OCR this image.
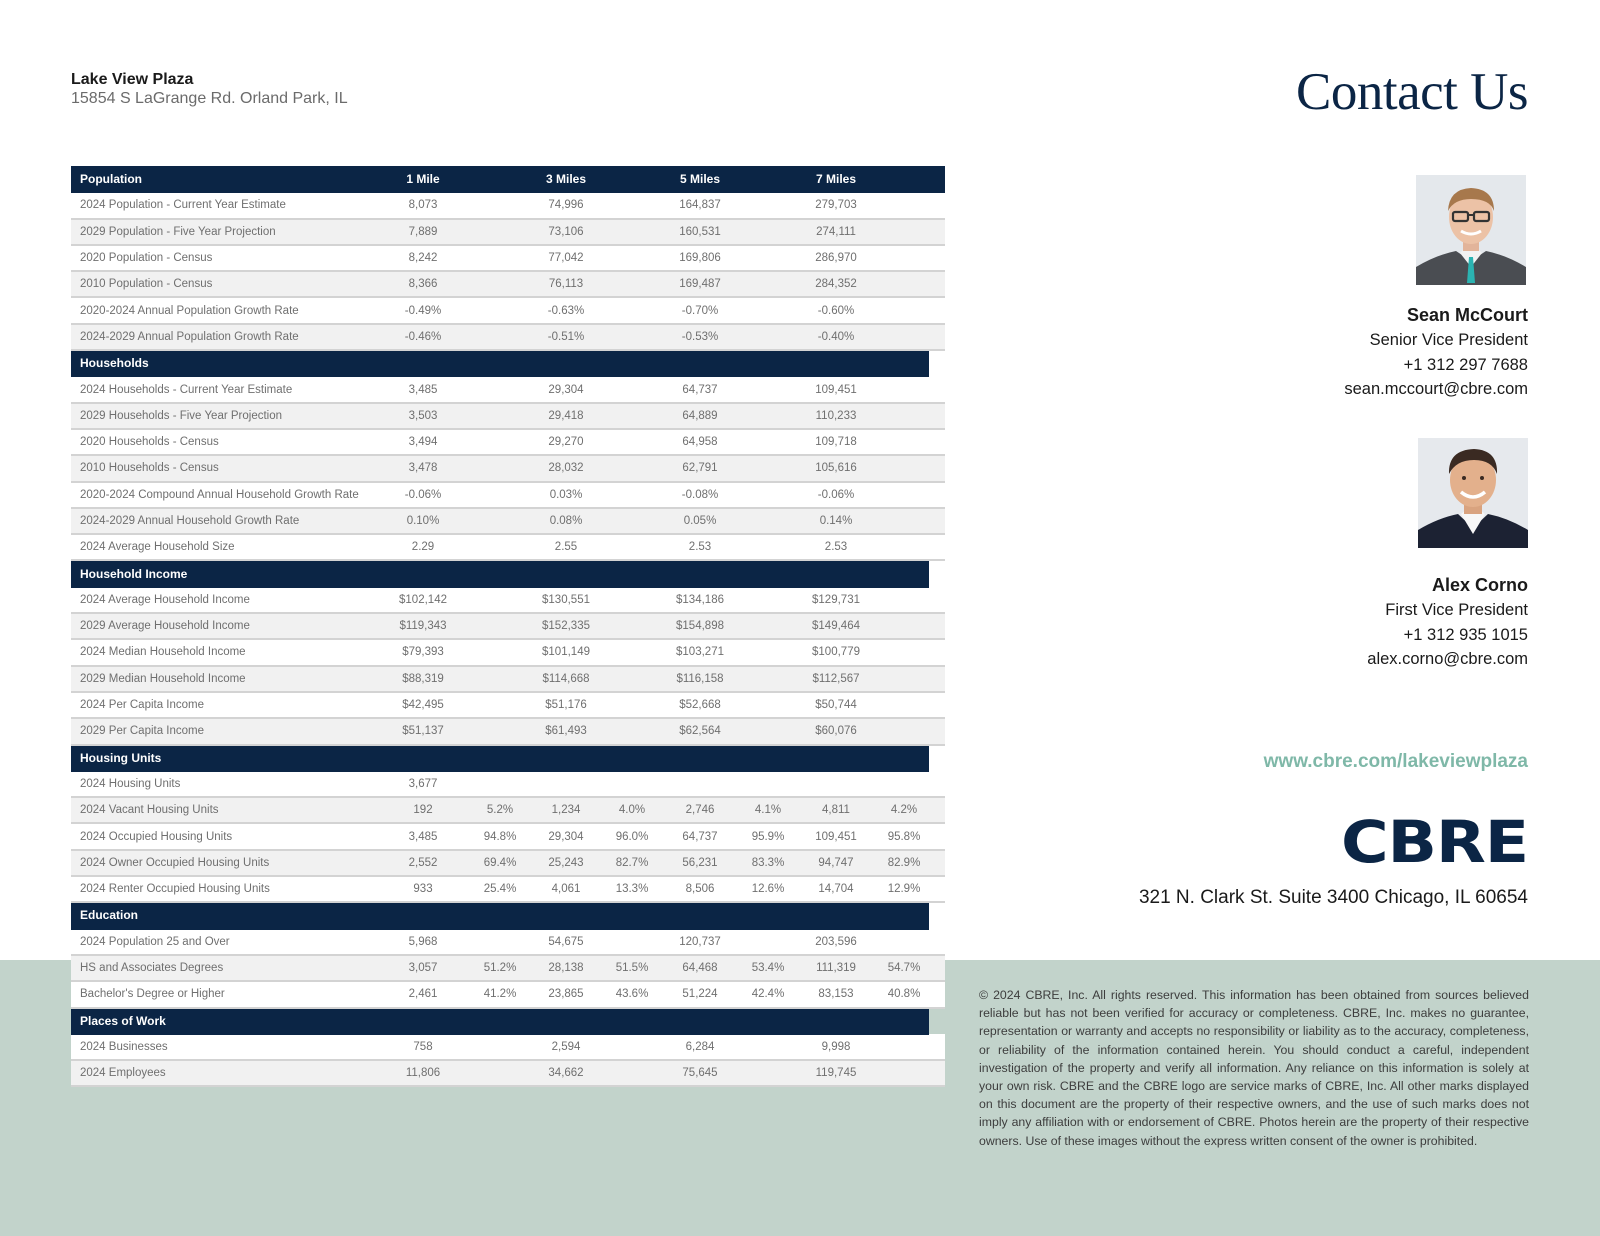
Lake View Plaza
15854 S LaGrange Rd. Orland Park, IL
Population	1 Mile		3 Miles		5 Miles		7 Miles		
2024 Population - Current Year Estimate	8,073		74,996		164,837		279,703		
2029 Population - Five Year Projection	7,889		73,106		160,531		274,111		
2020 Population - Census	8,242		77,042		169,806		286,970		
2010 Population - Census	8,366		76,113		169,487		284,352		
2020-2024 Annual Population Growth Rate	-0.49%		-0.63%		-0.70%		-0.60%		
2024-2029 Annual Population Growth Rate	-0.46%		-0.51%		-0.53%		-0.40%		
Households									
2024 Households - Current Year Estimate	3,485		29,304		64,737		109,451		
2029 Households - Five Year Projection	3,503		29,418		64,889		110,233		
2020 Households - Census	3,494		29,270		64,958		109,718		
2010 Households - Census	3,478		28,032		62,791		105,616		
2020-2024 Compound Annual Household Growth Rate	-0.06%		0.03%		-0.08%		-0.06%		
2024-2029 Annual Household Growth Rate	0.10%		0.08%		0.05%		0.14%		
2024 Average Household Size	2.29		2.55		2.53		2.53		
Household Income									
2024 Average Household Income	$102,142		$130,551		$134,186		$129,731		
2029 Average Household Income	$119,343		$152,335		$154,898		$149,464		
2024 Median Household Income	$79,393		$101,149		$103,271		$100,779		
2029 Median Household Income	$88,319		$114,668		$116,158		$112,567		
2024 Per Capita Income	$42,495		$51,176		$52,668		$50,744		
2029 Per Capita Income	$51,137		$61,493		$62,564		$60,076		
Housing Units									
2024 Housing Units	3,677								
2024 Vacant Housing Units	192	5.2%	1,234	4.0%	2,746	4.1%	4,811	4.2%	
2024 Occupied Housing Units	3,485	94.8%	29,304	96.0%	64,737	95.9%	109,451	95.8%	
2024 Owner Occupied Housing Units	2,552	69.4%	25,243	82.7%	56,231	83.3%	94,747	82.9%	
2024 Renter Occupied Housing Units	933	25.4%	4,061	13.3%	8,506	12.6%	14,704	12.9%	
Education									
2024 Population 25 and Over	5,968		54,675		120,737		203,596		
HS and Associates Degrees	3,057	51.2%	28,138	51.5%	64,468	53.4%	111,319	54.7%	
Bachelor's Degree or Higher	2,461	41.2%	23,865	43.6%	51,224	42.4%	83,153	40.8%	
Places of Work									
2024 Businesses	758		2,594		6,284		9,998		
2024 Employees	11,806		34,662		75,645		119,745		
Contact Us
Sean McCourt
Senior Vice President
+1 312 297 7688
sean.mccourt@cbre.com
Alex Corno
First Vice President
+1 312 935 1015
alex.corno@cbre.com
www.cbre.com/lakeviewplaza
CBRE
321 N. Clark St. Suite 3400 Chicago, IL 60654
© 2024 CBRE, Inc. All rights reserved. This information has been obtained from sources believed reliable but has not been verified for accuracy or completeness. CBRE, Inc. makes no guarantee, representation or warranty and accepts no responsibility or liability as to the accuracy, completeness, or reliability of the information contained herein. You should conduct a careful, independent investigation of the property and verify all information. Any reliance on this information is solely at your own risk. CBRE and the CBRE logo are service marks of CBRE, Inc. All other marks displayed on this document are the property of their respective owners, and the use of such marks does not imply any affiliation with or endorsement of CBRE. Photos herein are the property of their respective owners. Use of these images without the express written consent of the owner is prohibited.
